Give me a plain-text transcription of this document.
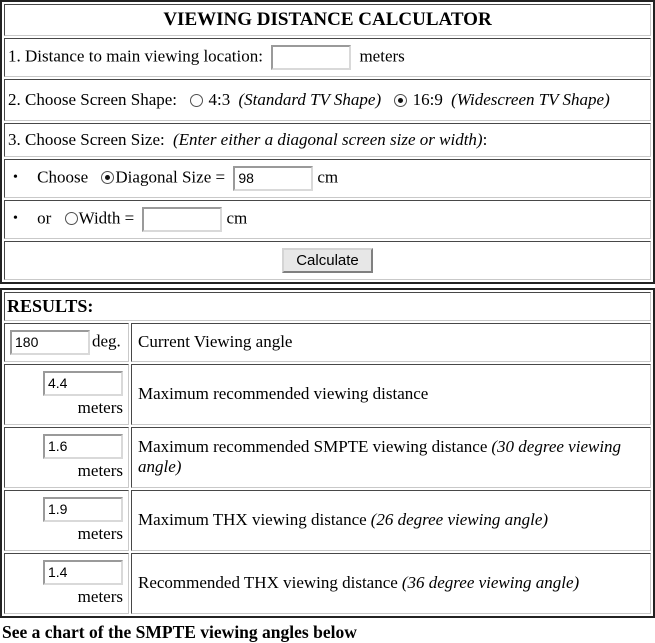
VIEWING DISTANCE CALCULATOR
1. Distance to main viewing location:	meters
2. Choose Screen Shape: 4:3 (Standard TV Shape) 16:9 (Widescreen TV Shape)
3. Choose Screen Size: (Enter either a diagonal screen size or width):
• Choose Diagonal Size = 98	cm
• or Width =	cm
Calculate
RESULTS:	
180deg.	Current Viewing angle
4.4
meters	Maximum recommended viewing distance
1.6
meters	Maximum recommended SMPTE viewing distance (30 degree viewing angle)
1.9
meters	Maximum THX viewing distance (26 degree viewing angle)
1.4
meters	Recommended THX viewing distance (36 degree viewing angle)

See a chart of the SMPTE viewing angles below
